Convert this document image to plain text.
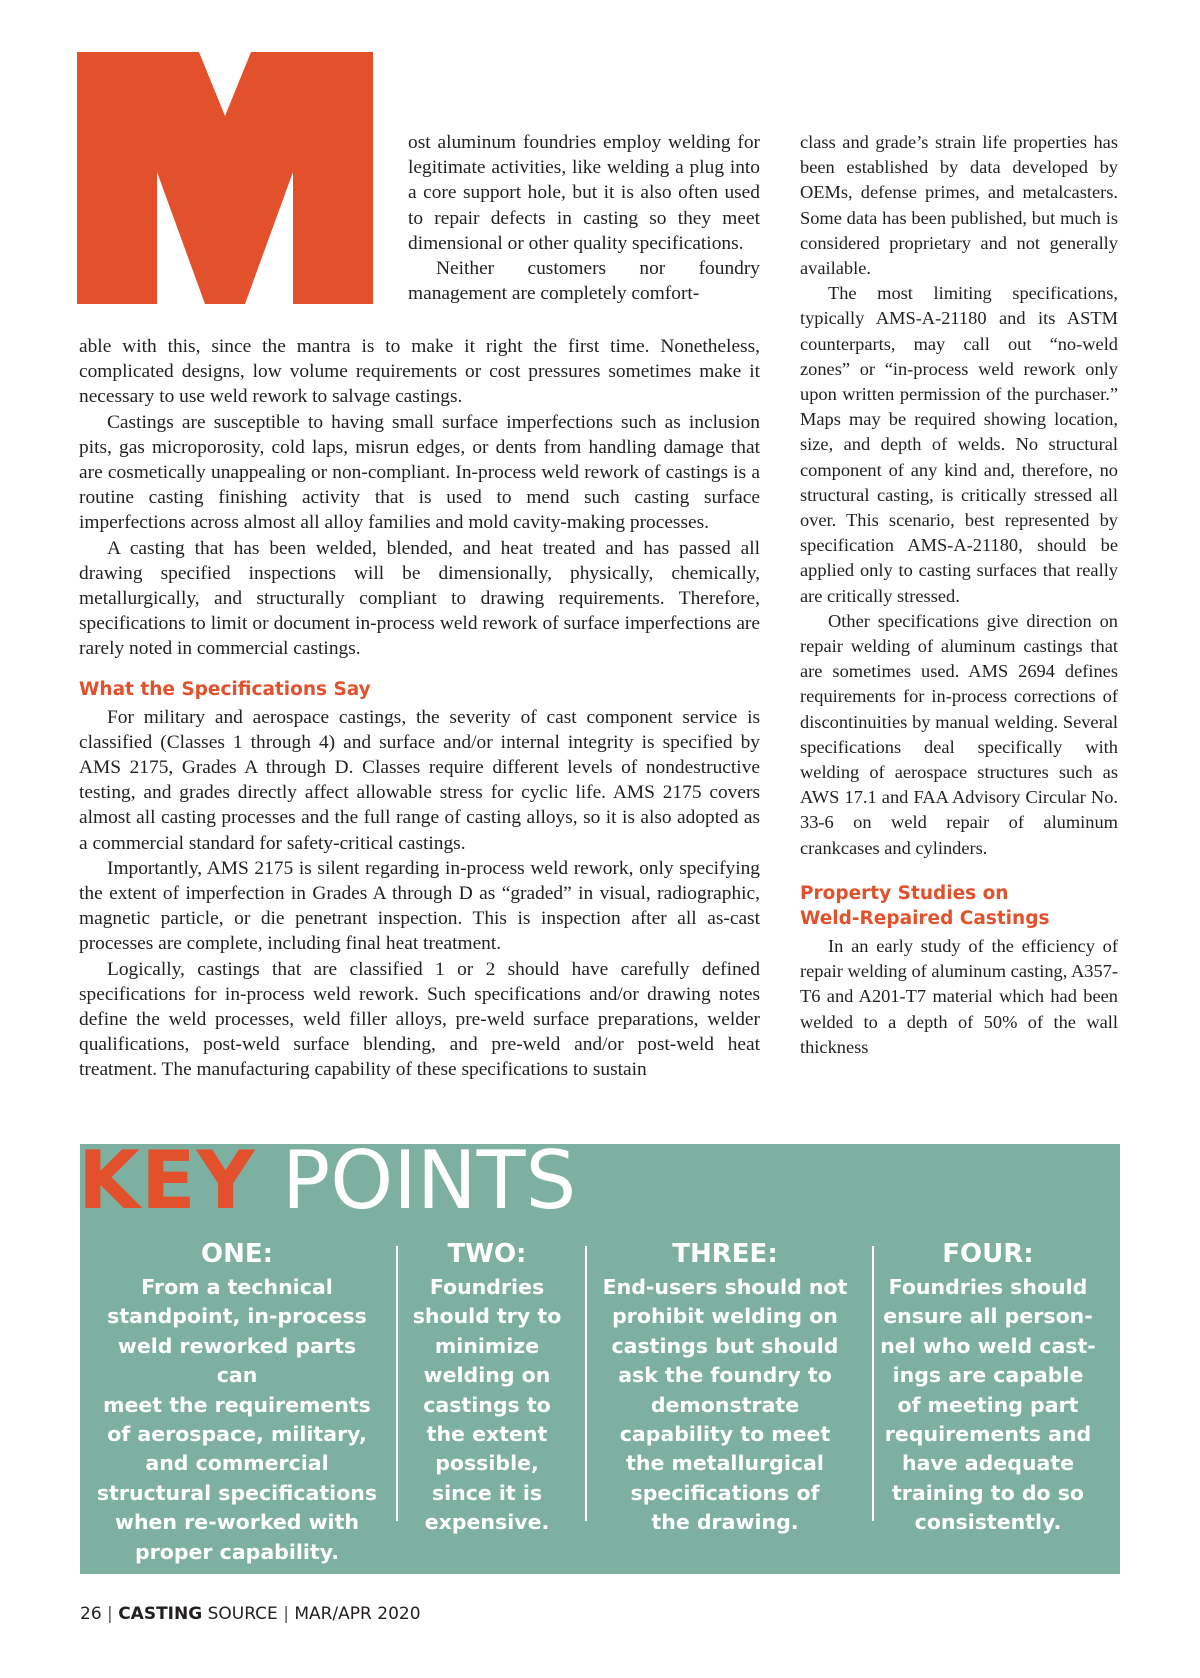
ost aluminum foundries employ welding for legitimate activities, like welding a plug into a core support hole, but it is also often used to repair defects in casting so they meet dimensional or other quality specifications.

Neither customers nor foundry management are completely comfort-

able with this, since the mantra is to make it right the first time. Nonetheless, complicated designs, low volume requirements or cost pressures sometimes make it necessary to use weld rework to salvage castings.

Castings are susceptible to having small surface imperfections such as inclusion pits, gas microporosity, cold laps, misrun edges, or dents from handling damage that are cosmetically unappealing or non-compliant. In-process weld rework of castings is a routine casting finishing activity that is used to mend such casting surface imperfections across almost all alloy families and mold cavity-making processes.

A casting that has been welded, blended, and heat treated and has passed all drawing specified inspections will be dimensionally, physically, chemically, metallurgically, and structurally compliant to drawing requirements. Therefore, specifications to limit or document in-process weld rework of surface imperfections are rarely noted in commercial castings.

What the Specifications Say

For military and aerospace castings, the severity of cast component service is classified (Classes 1 through 4) and surface and/or internal integrity is specified by AMS 2175, Grades A through D. Classes require different levels of nondestructive testing, and grades directly affect allowable stress for cyclic life. AMS 2175 covers almost all casting processes and the full range of casting alloys, so it is also adopted as a commercial standard for safety-critical castings.

Importantly, AMS 2175 is silent regarding in-process weld rework, only specifying the extent of imperfection in Grades A through D as “graded” in visual, radiographic, magnetic particle, or die penetrant inspection. This is inspection after all as-cast processes are complete, including final heat treatment.

Logically, castings that are classified 1 or 2 should have carefully defined specifications for in-process weld rework. Such specifications and/or drawing notes define the weld processes, weld filler alloys, pre-weld surface preparations, welder qualifications, post-weld surface blending, and pre-weld and/or post-weld heat treatment. The manufacturing capability of these specifications to sustain

class and grade’s strain life properties has been established by data developed by OEMs, defense primes, and metalcasters. Some data has been published, but much is considered proprietary and not generally available.

The most limiting specifications, typically AMS-A-21180 and its ASTM counterparts, may call out “no-weld zones” or “in-process weld rework only upon written permission of the purchaser.” Maps may be required showing location, size, and depth of welds. No structural component of any kind and, therefore, no structural casting, is critically stressed all over. This scenario, best represented by specification AMS-A-21180, should be applied only to casting surfaces that really are critically stressed.

Other specifications give direction on repair welding of aluminum castings that are sometimes used. AMS 2694 defines requirements for in-process corrections of discontinuities by manual welding. Several specifications deal specifically with welding of aerospace structures such as AWS 17.1 and FAA Advisory Circular No. 33-6 on weld repair of aluminum crankcases and cylinders.

Property Studies on
Weld-Repaired Castings

In an early study of the efficiency of repair welding of aluminum casting, A357-T6 and A201-T7 material which had been welded to a depth of 50% of the wall thickness

KEY POINTS
ONE:
From a technical
standpoint, in-process
weld reworked parts can
meet the requirements
of aerospace, military,
and commercial
structural specifications
when re-worked with
proper capability.
TWO:
Foundries
should try to
minimize
welding on
castings to
the extent
possible,
since it is
expensive.
THREE:
End-users should not
prohibit welding on
castings but should
ask the foundry to
demonstrate
capability to meet
the metallurgical
specifications of
the drawing.
FOUR:
Foundries should
ensure all person-
nel who weld cast-
ings are capable
of meeting part
requirements and
have adequate
training to do so
consistently.
26 | CASTING SOURCE | MAR/APR 2020
